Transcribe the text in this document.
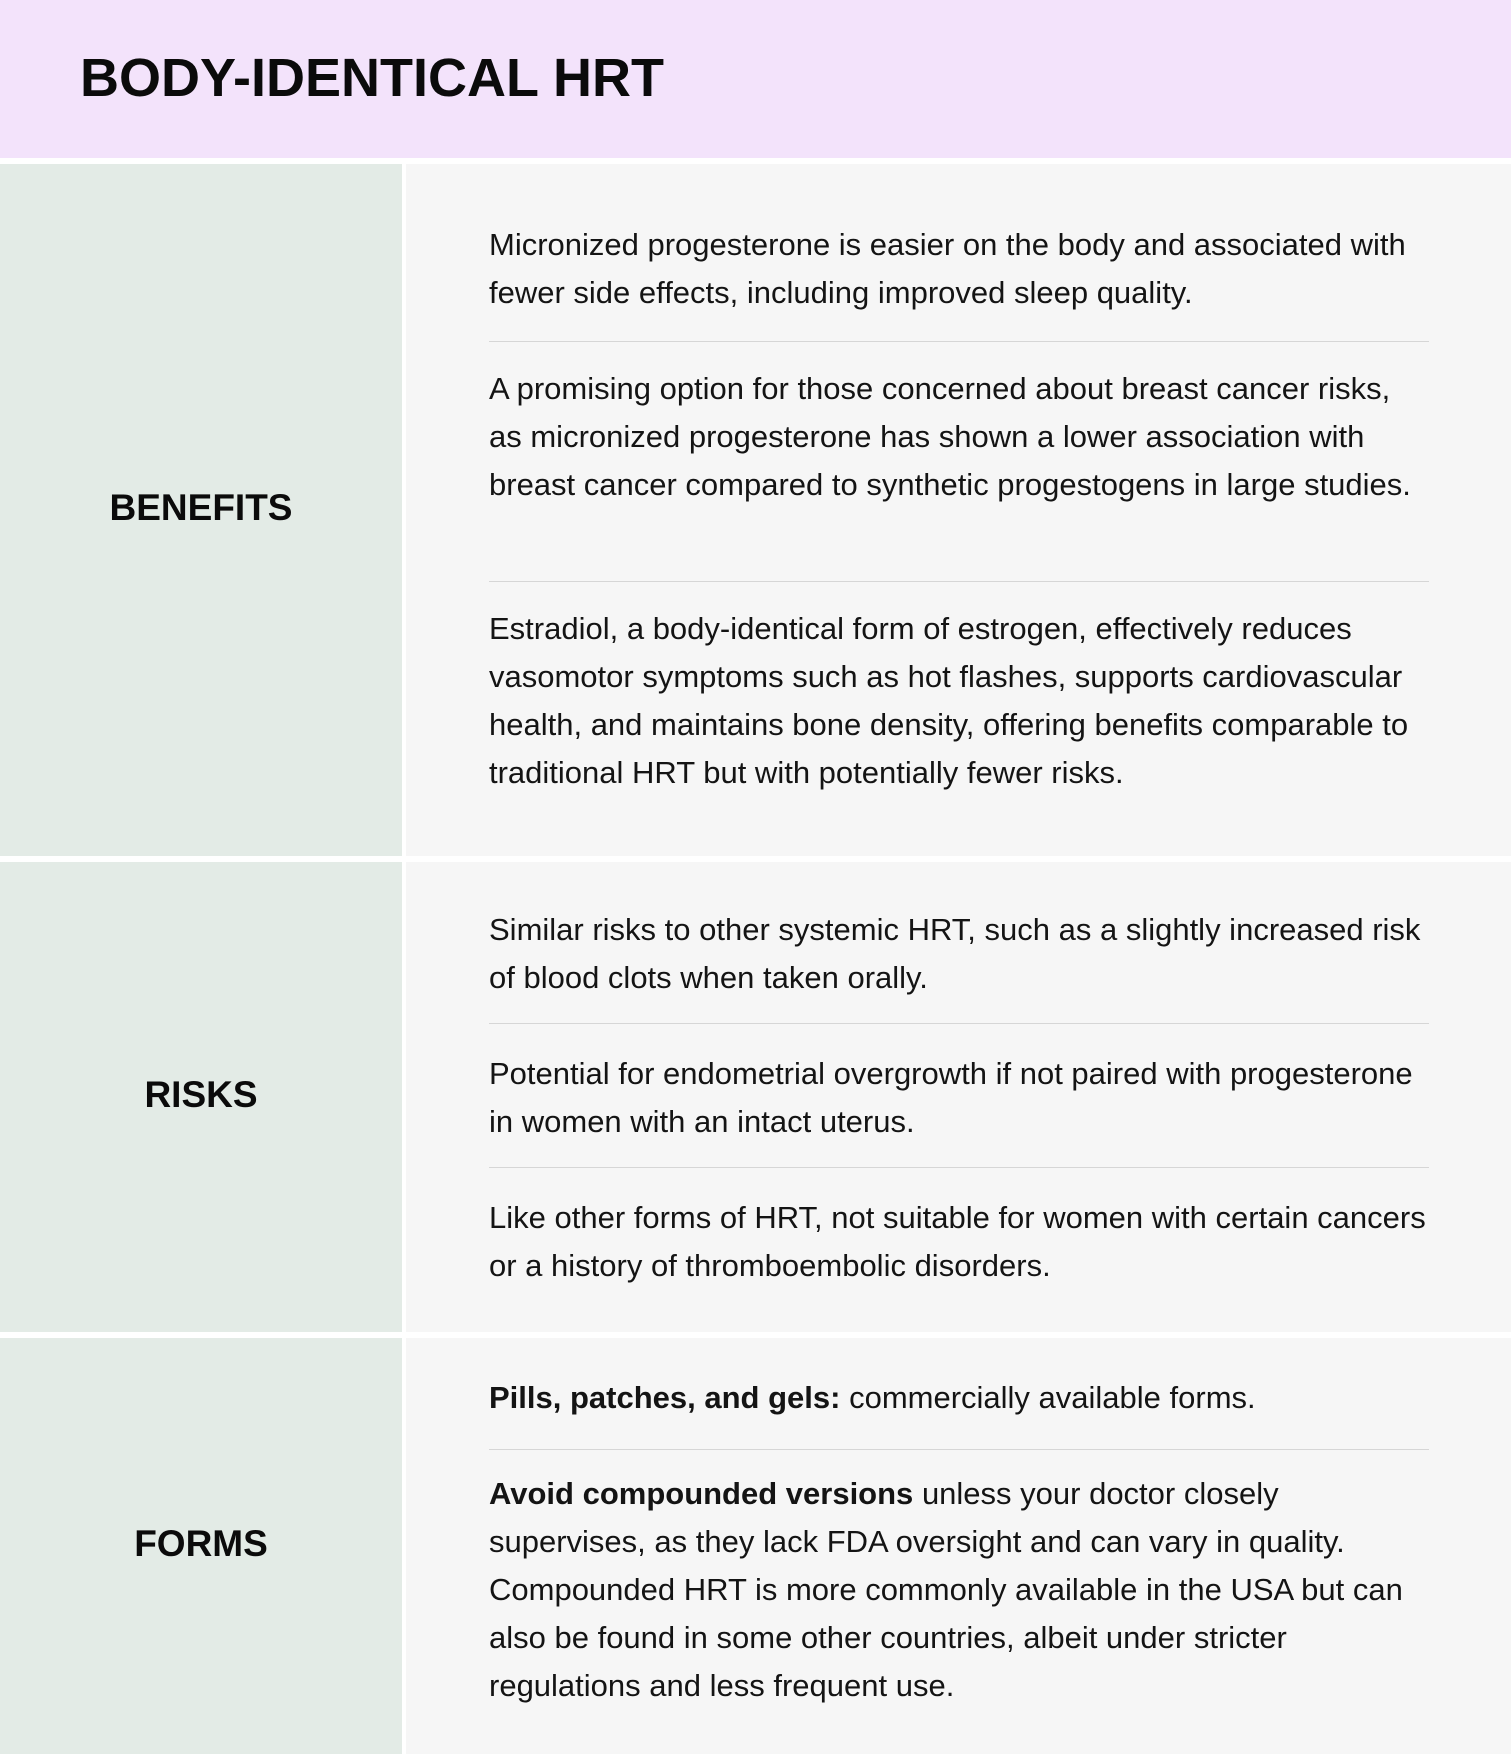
BODY-IDENTICAL HRT
BENEFITS

Micronized progesterone is easier on the body and associated with fewer side effects, including improved sleep quality.

A promising option for those concerned about breast cancer risks, as micronized progesterone has shown a lower association with breast cancer compared to synthetic progestogens in large studies.

Estradiol, a body-identical form of estrogen, effectively reduces vasomotor symptoms such as hot flashes, supports cardiovascular health, and maintains bone density, offering benefits comparable to traditional HRT but with potentially fewer risks.

RISKS

Similar risks to other systemic HRT, such as a slightly increased risk of blood clots when taken orally.

Potential for endometrial overgrowth if not paired with progesterone in women with an intact uterus.

Like other forms of HRT, not suitable for women with certain cancers or a history of thromboembolic disorders.

FORMS

Pills, patches, and gels: commercially available forms.

Avoid compounded versions unless your doctor closely supervises, as they lack FDA oversight and can vary in quality. Compounded HRT is more commonly available in the USA but can also be found in some other countries, albeit under stricter regulations and less frequent use.
